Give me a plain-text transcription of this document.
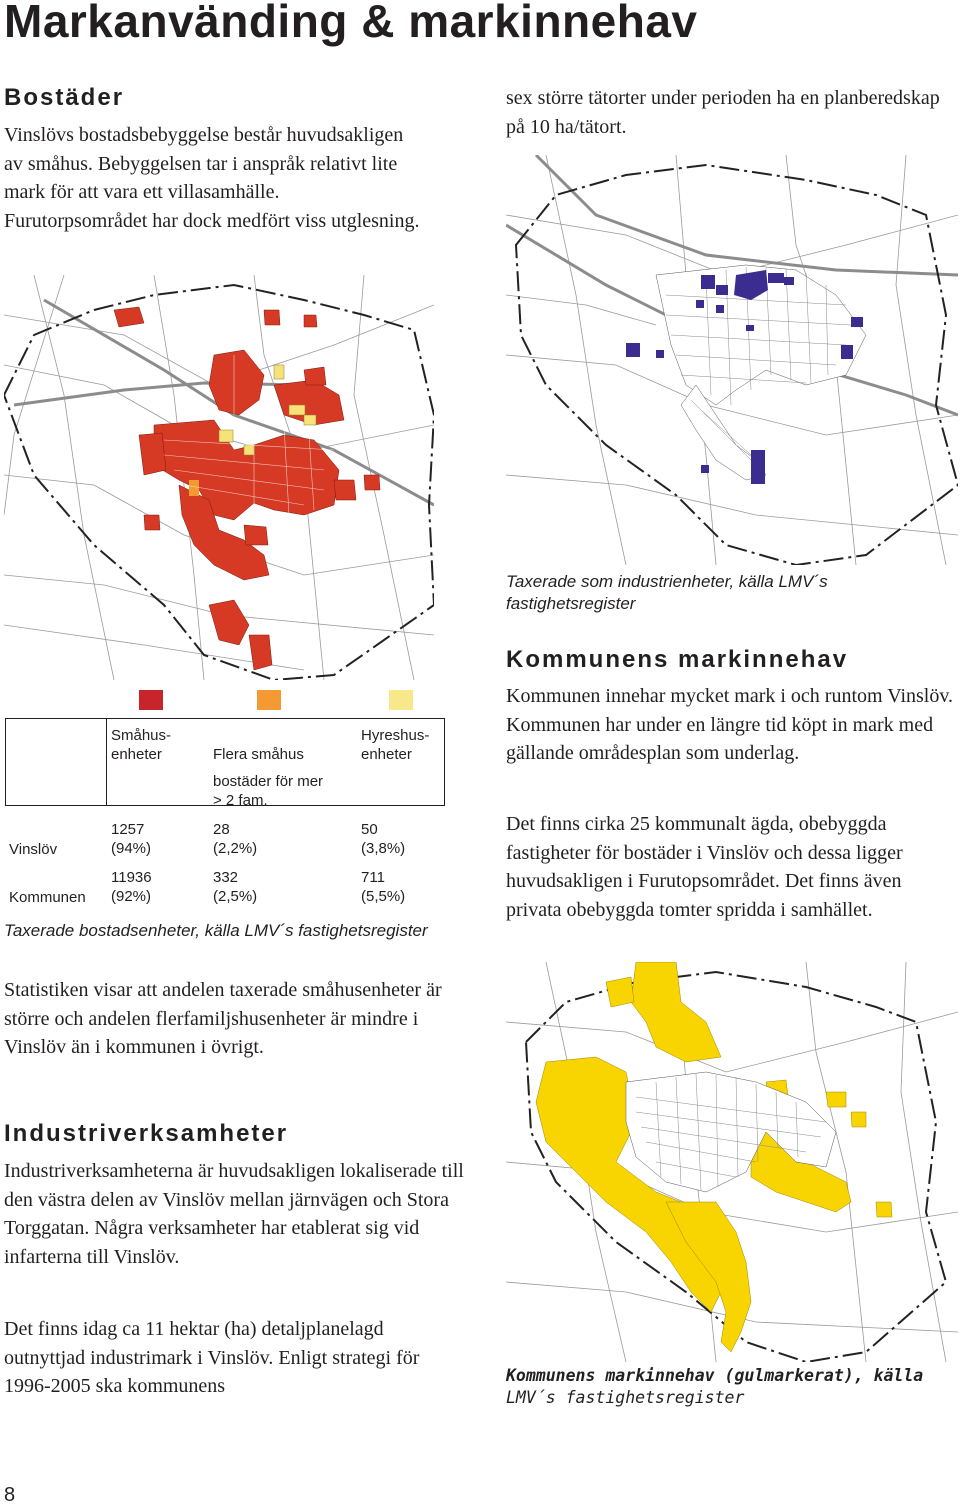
Markanvänding & markinnehav
Bostäder

Vinslövs bostadsbebyggelse består huvudsakligen av småhus. Bebyggelsen tar i anspråk relativt lite mark för att vara ett villasamhälle. Furutorpsområdet har dock medfört viss utglesning.

sex större tätorter under perioden ha en planberedskap på 10 ha/tätort.

Taxerade som industrienheter, källa LMV´s fastighetsregister

Kommunens markinnehav

Kommunen innehar mycket mark i och runtom Vinslöv. Kommunen har under en längre tid köpt in mark med gällande områdesplan som underlag.

Det finns cirka 25 kommunalt ägda, obebyggda fastigheter för bostäder i Vinslöv och dessa ligger huvudsakligen i Furutopsområdet. Det finns även privata obebyggda tomter spridda i samhället.

Småhus-
enheter	Flera småhus
Hyreshus-
enheter
bostäder för mer
> 2 fam.
Vinslöv
1257
(94%)
28
(2,2%)
50
(3,8%)
Kommunen
11936
(92%)
332
(2,5%)
711
(5,5%)

Taxerade bostadsenheter, källa LMV´s fastighetsregister

Statistiken visar att andelen taxerade småhusenheter är större och andelen flerfamiljshusenheter är mindre i Vinslöv än i kommunen i övrigt.

Industriverksamheter

Industriverksamheterna är huvudsakligen lokaliserade till den västra delen av Vinslöv mellan järnvägen och Stora Torggatan. Några verksamheter har etablerat sig vid infarterna till Vinslöv.

Det finns idag ca 11 hektar (ha) detaljplanelagd outnyttjad industrimark i Vinslöv. Enligt strategi för 1996-2005 ska kommunens	Kommunens markinnehav (gulmarkerat), källa
LMV´s fastighetsregister

8
